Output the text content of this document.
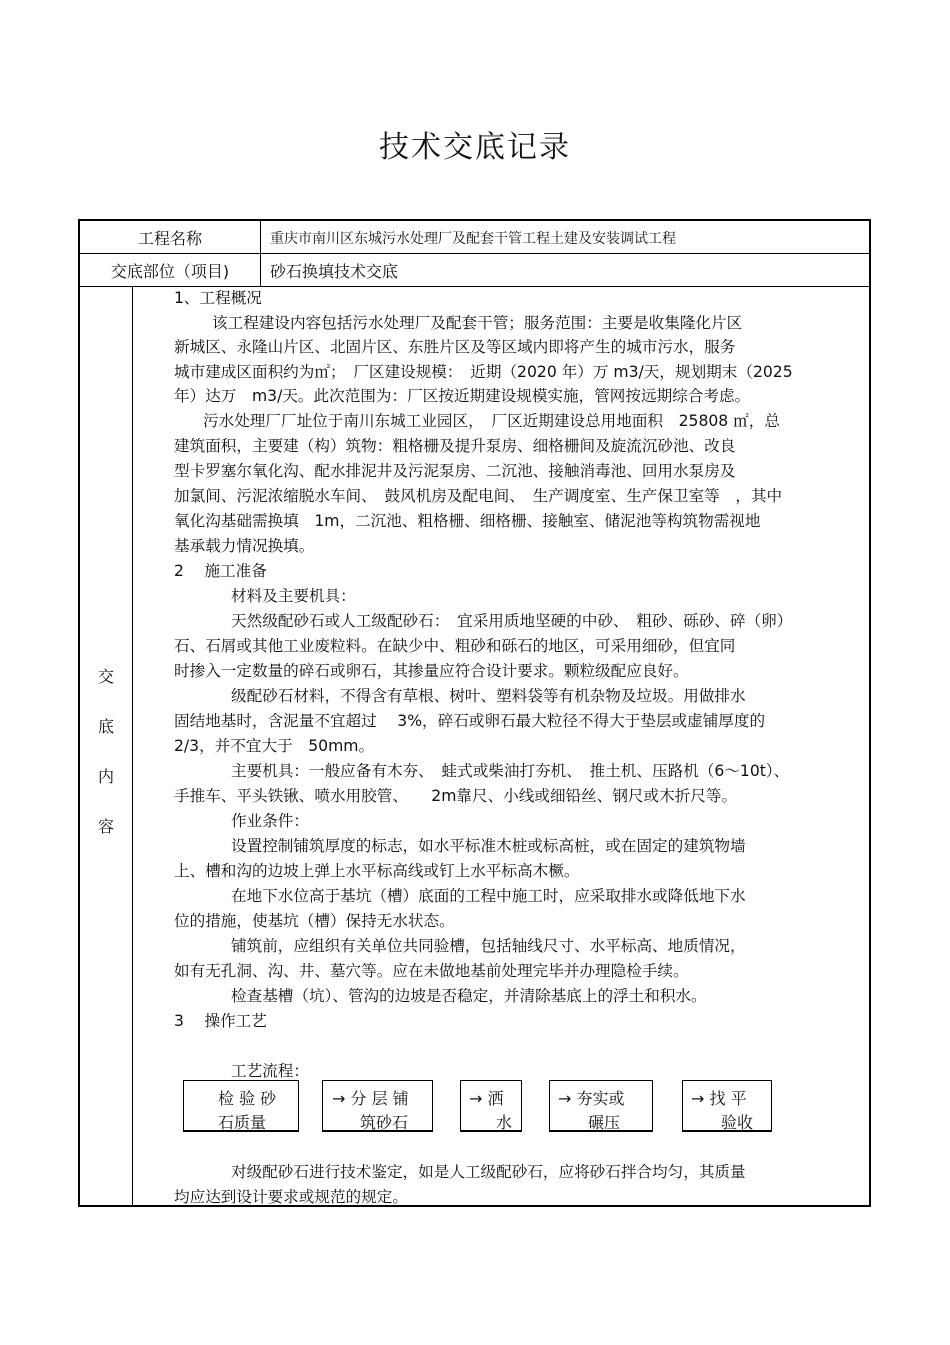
技术交底记录
工程名称	重庆市南川区东城污水处理厂及配套干管工程土建及安装调试工程
交底部位（项目)	砂石换填技术交底
交
底
内
容
1、工程概况
该工程建设内容包括污水处理厂及配套干管；服务范围：主要是收集隆化片区
新城区、永隆山片区、北固片区、东胜片区及等区域内即将产生的城市污水，服务
城市建成区面积约为㎡；　厂区建设规模：　近期（2020 年）万 m3/天，规划期末（2025
年）达万　m3/天。此次范围为：厂区按近期建设规模实施，管网按远期综合考虑。
污水处理厂厂址位于南川东城工业园区，　厂区近期建设总用地面积　25808 ㎡，总
建筑面积，主要建（构）筑物：粗格栅及提升泵房、细格栅间及旋流沉砂池、改良
型卡罗塞尔氧化沟、配水排泥井及污泥泵房、二沉池、接触消毒池、回用水泵房及
加氯间、污泥浓缩脱水车间、　鼓风机房及配电间、　生产调度室、生产保卫室等　，其中
氧化沟基础需换填　1m，二沉池、粗格栅、细格栅、接触室、储泥池等构筑物需视地
基承载力情况换填。
2　 施工准备
材料及主要机具：
天然级配砂石或人工级配砂石：　宜采用质地坚硬的中砂、　粗砂、砾砂、碎（卵）
石、石屑或其他工业废粒料。在缺少中、粗砂和砾石的地区，可采用细砂，但宜同
时掺入一定数量的碎石或卵石，其掺量应符合设计要求。颗粒级配应良好。
级配砂石材料，不得含有草根、树叶、塑料袋等有机杂物及垃圾。用做排水
固结地基时，含泥量不宜超过　 3%，碎石或卵石最大粒径不得大于垫层或虚铺厚度的
2/3，并不宜大于　50mm。
主要机具：一般应备有木夯、　蛙式或柴油打夯机、　推土机、压路机（6～10t）、
手推车、平头铁锹、喷水用胶管、　　2m靠尺、小线或细铅丝、钢尺或木折尺等。
作业条件：
设置控制铺筑厚度的标志，如水平标准木桩或标高桩，或在固定的建筑物墙
上、槽和沟的边坡上弹上水平标高线或钉上水平标高木橛。
在地下水位高于基坑（槽）底面的工程中施工时，应采取排水或降低地下水
位的措施，使基坑（槽）保持无水状态。
铺筑前，应组织有关单位共同验槽，包括轴线尺寸、水平标高、地质情况，
如有无孔洞、沟、井、墓穴等。应在未做地基前处理完毕并办理隐检手续。
检查基槽（坑）、管沟的边坡是否稳定，并清除基底上的浮土和积水。
3　 操作工艺
工艺流程：
对级配砂石进行技术鉴定，如是人工级配砂石，应将砂石拌合均匀，其质量
均应达到设计要求或规范的规定。
检 验 砂
石质量
→ 分 层 铺
筑砂石
→ 洒
水
→ 夯实或
碾压
→ 找 平
验收
